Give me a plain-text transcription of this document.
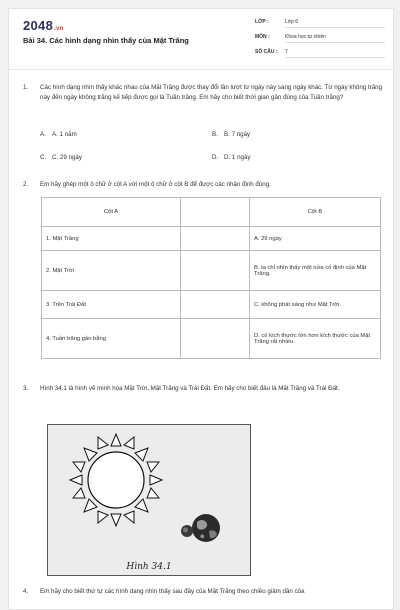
2048.vn
Bài 34. Các hình dạng nhìn thấy của Mặt Trăng
LỚP :	Lớp 6
MÔN :	Khoa học tự nhiên
SỐ CÂU : 7
1. Các hình dạng nhìn thấy khác nhau của Mặt Trăng được thay đổi lần lượt từ ngày này sang ngày khác. Từ ngày không trăng này đến ngày không trăng kế tiếp được gọi là Tuần trăng. Em hãy cho biết thời gian gần đúng của Tuần trăng?
A. A. 1 năm	B. B. 7 ngày
C. C. 29 ngày	D. D. 1 ngày
2. Em hãy ghép một ô chữ ở cột A với một ô chữ ở cột B để được các nhận định đúng.
Cột A		Cột B
1. Mặt Trăng		A. 29 ngày
2. Mặt Trời		B. ta chỉ nhìn thấy một nửa cố định của Mặt Trăng.
3. Trên Trái Đất		C. không phát sáng như Mặt Trời.
4. Tuần trăng gần bằng		D. có kích thước lớn hơn kích thước của Mặt Trăng rất nhiều.
3. Hình 34.1 là hình vẽ minh họa Mặt Trời, Mặt Trăng và Trái Đất. Em hãy cho biết đâu là Mặt Trăng và Trái Đất.
Hình 34.1
4. Em hãy cho biết thứ tự các hình dạng nhìn thấy sau đây của Mặt Trăng theo chiều giảm dần của
